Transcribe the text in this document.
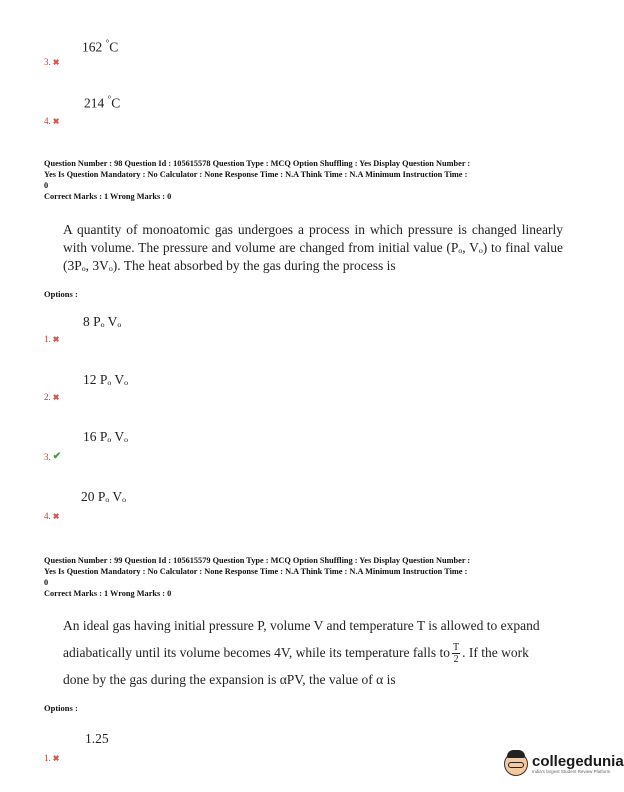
162 °C
3. ✖
214 °C
4. ✖
Question Number : 98 Question Id : 105615578 Question Type : MCQ Option Shuffling : Yes Display Question Number :
Yes Is Question Mandatory : No Calculator : None Response Time : N.A Think Time : N.A Minimum Instruction Time :
0
Correct Marks : 1 Wrong Marks : 0
A quantity of monoatomic gas undergoes a process in which pressure is changed linearly with volume. The pressure and volume are changed from initial value (Pₒ, Vₒ) to final value (3Pₒ, 3Vₒ). The heat absorbed by the gas during the process is
Options :
8 Pₒ Vₒ
1. ✖
12 Pₒ Vₒ
2. ✖
16 Pₒ Vₒ
3. ✔
20 Pₒ Vₒ
4. ✖
Question Number : 99 Question Id : 105615579 Question Type : MCQ Option Shuffling : Yes Display Question Number :
Yes Is Question Mandatory : No Calculator : None Response Time : N.A Think Time : N.A Minimum Instruction Time :
0
Correct Marks : 1 Wrong Marks : 0
An ideal gas having initial pressure P, volume V and temperature T is allowed to expand
adiabatically until its volume becomes 4V, while its temperature falls to $\frac{T}{2}$ . If the work
done by the gas during the expansion is αPV, the value of α is
Options :
1.25
1. ✖	collegedunia
India's largest Student Review Platform
